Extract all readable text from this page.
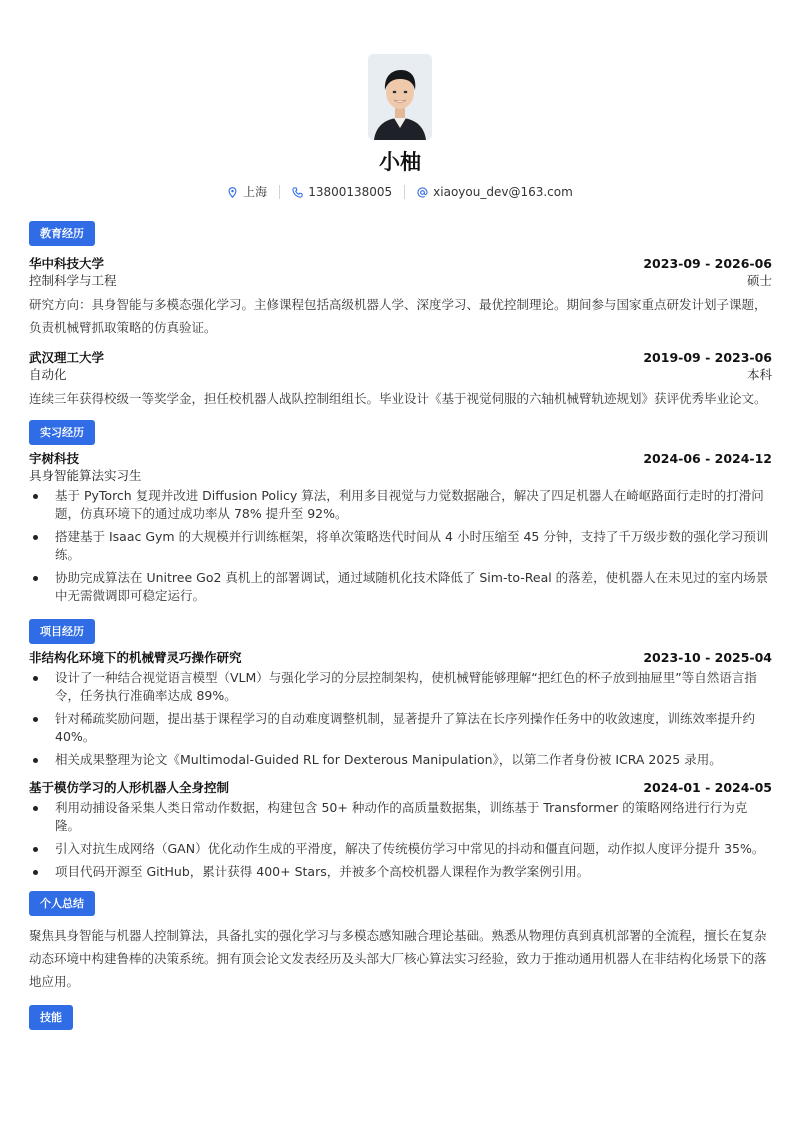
小柚
上海	13800138005	xiaoyou_dev@163.com
教育经历
华中科技大学	2023-09 - 2026-06
控制科学与工程	硕士
研究方向：具身智能与多模态强化学习。主修课程包括高级机器人学、深度学习、最优控制理论。期间参与国家重点研发计划子课题，负责机械臂抓取策略的仿真验证。
武汉理工大学	2019-09 - 2023-06
自动化	本科
连续三年获得校级一等奖学金，担任校机器人战队控制组组长。毕业设计《基于视觉伺服的六轴机械臂轨迹规划》获评优秀毕业论文。
实习经历
宇树科技	2024-06 - 2024-12
具身智能算法实习生
基于 PyTorch 复现并改进 Diffusion Policy 算法，利用多目视觉与力觉数据融合，解决了四足机器人在崎岖路面行走时的打滑问题，仿真环境下的通过成功率从 78% 提升至 92%。
搭建基于 Isaac Gym 的大规模并行训练框架，将单次策略迭代时间从 4 小时压缩至 45 分钟，支持了千万级步数的强化学习预训练。
协助完成算法在 Unitree Go2 真机上的部署调试，通过域随机化技术降低了 Sim-to-Real 的落差，使机器人在未见过的室内场景中无需微调即可稳定运行。
项目经历
非结构化环境下的机械臂灵巧操作研究	2023-10 - 2025-04
设计了一种结合视觉语言模型（VLM）与强化学习的分层控制架构，使机械臂能够理解“把红色的杯子放到抽屉里”等自然语言指令，任务执行准确率达成 89%。
针对稀疏奖励问题，提出基于课程学习的自动难度调整机制，显著提升了算法在长序列操作任务中的收敛速度，训练效率提升约 40%。
相关成果整理为论文《Multimodal-Guided RL for Dexterous Manipulation》，以第二作者身份被 ICRA 2025 录用。
基于模仿学习的人形机器人全身控制	2024-01 - 2024-05
利用动捕设备采集人类日常动作数据，构建包含 50+ 种动作的高质量数据集，训练基于 Transformer 的策略网络进行行为克隆。
引入对抗生成网络（GAN）优化动作生成的平滑度，解决了传统模仿学习中常见的抖动和僵直问题，动作拟人度评分提升 35%。
项目代码开源至 GitHub，累计获得 400+ Stars，并被多个高校机器人课程作为教学案例引用。
个人总结
聚焦具身智能与机器人控制算法，具备扎实的强化学习与多模态感知融合理论基础。熟悉从物理仿真到真机部署的全流程，擅长在复杂动态环境中构建鲁棒的决策系统。拥有顶会论文发表经历及头部大厂核心算法实习经验，致力于推动通用机器人在非结构化场景下的落地应用。
技能
